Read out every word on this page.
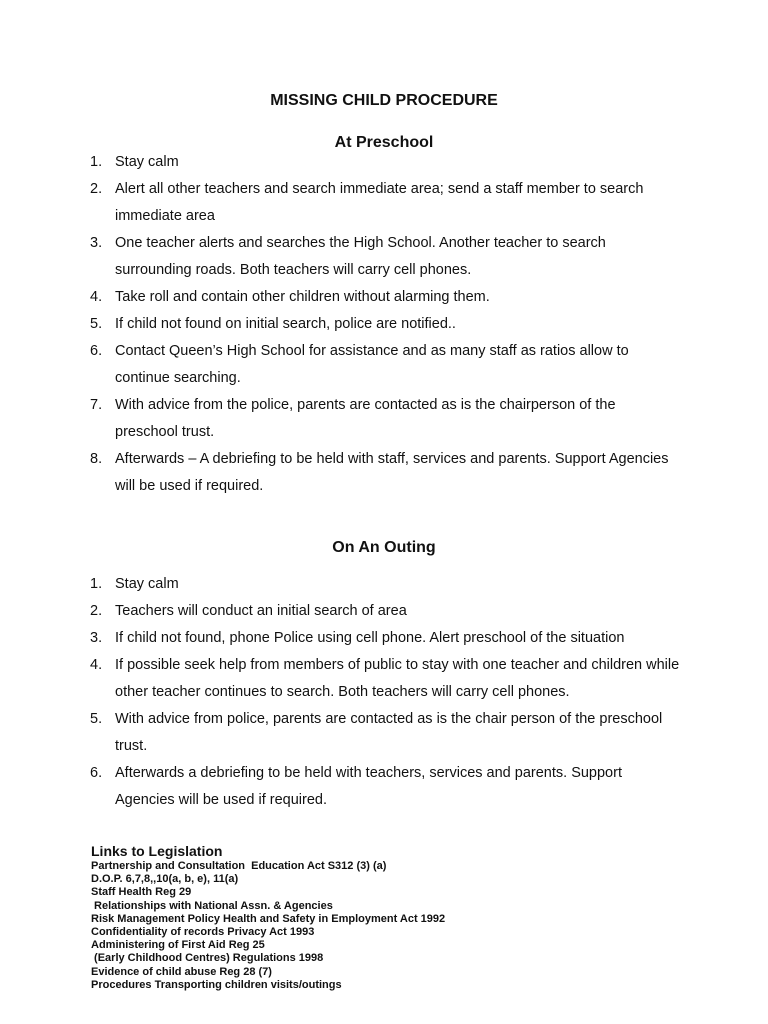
MISSING CHILD PROCEDURE
At Preschool
1. Stay calm
2. Alert all other teachers and search immediate area; send a staff member to search immediate area
3. One teacher alerts and searches the High School. Another teacher to search surrounding roads. Both teachers will carry cell phones.
4. Take roll and contain other children without alarming them.
5. If child not found on initial search, police are notified..
6. Contact Queen’s High School for assistance and as many staff as ratios allow to continue searching.
7. With advice from the police, parents are contacted as is the chairperson of the preschool trust.
8. Afterwards – A debriefing to be held with staff, services and parents. Support Agencies will be used if required.
On An Outing
1. Stay calm
2. Teachers will conduct an initial search of area
3. If child not found, phone Police using cell phone. Alert preschool of the situation
4. If possible seek help from members of public to stay with one teacher and children while other teacher continues to search. Both teachers will carry cell phones.
5. With advice from police, parents are contacted as is the chair person of the preschool trust.
6. Afterwards a debriefing to be held with teachers, services and parents. Support Agencies will be used if required.
Links to Legislation
Partnership and Consultation  Education Act S312 (3) (a)
D.O.P. 6,7,8,,10(a, b, e), 11(a)
Staff Health Reg 29
Relationships with National Assn. & Agencies
Risk Management Policy Health and Safety in Employment Act 1992
Confidentiality of records Privacy Act 1993
Administering of First Aid Reg 25
(Early Childhood Centres) Regulations 1998
Evidence of child abuse Reg 28 (7)
Procedures Transporting children visits/outings
